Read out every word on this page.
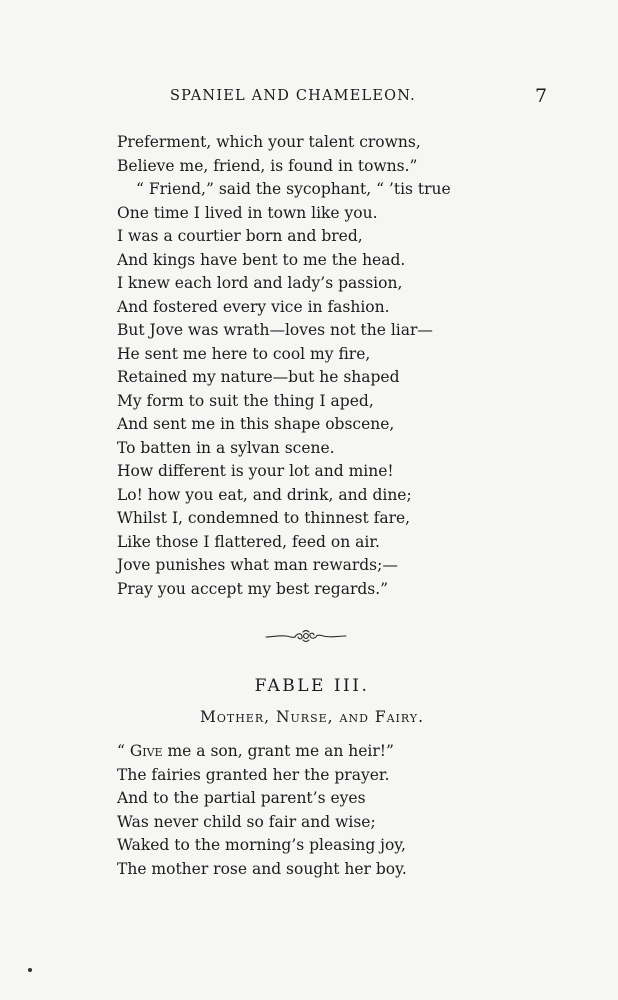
SPANIEL AND CHAMELEON.	7
Preferment, which your talent crowns,
Believe me, friend, is found in towns.”
“ Friend,” said the sycophant, “ ’tis true
One time I lived in town like you.
I was a courtier born and bred,
And kings have bent to me the head.
I knew each lord and lady’s passion,
And fostered every vice in fashion.
But Jove was wrath—loves not the liar—
He sent me here to cool my fire,
Retained my nature—but he shaped
My form to suit the thing I aped,
And sent me in this shape obscene,
To batten in a sylvan scene.
How different is your lot and mine!
Lo! how you eat, and drink, and dine;
Whilst I, condemned to thinnest fare,
Like those I flattered, feed on air.
Jove punishes what man rewards;—
Pray you accept my best regards.”
FABLE III.
Mother, Nurse, and Fairy.
“ Give me a son, grant me an heir!”
The fairies granted her the prayer.
And to the partial parent’s eyes
Was never child so fair and wise;
Waked to the morning’s pleasing joy,
The mother rose and sought her boy.
